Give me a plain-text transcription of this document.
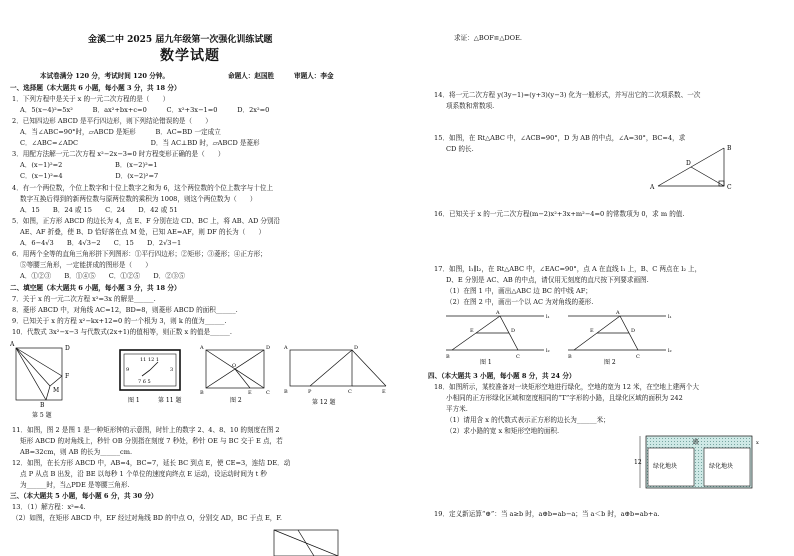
金溪二中 2025 届九年级第一次强化训练试题
数学试题
本试卷满分 120 分，考试时间 120 分钟。	命题人：赵国胜	审题人：李金
一、选择题（本大题共 6 小题，每小题 3 分，共 18 分）
1．下列方程中是关于 x 的一元二次方程的是（　　）
A．5(x−4)²=5x²　　　B．ax²+bx+c=0　　　C．x²+3x−1=0　　　D．2x²=0
2．已知四边形 ABCD 是平行四边形，则下列结论错误的是（　　）
A．当∠ABC=90°时，▱ABCD 是矩形　　　B．AC=BD 一定成立
C．∠ABC=∠ADC　　　　　　　　　　　D．当 AC⊥BD 时，▱ABCD 是菱形
3．用配方法解一元二次方程 x²−2x−3=0 时方程变形正确的是（　　）
A．(x−1)²=2　　　　　　　　B．(x−2)²=1
C．(x−1)²=4　　　　　　　　D．(x−2)²=7
4．有一个两位数，个位上数字和十位上数字之和为 6，这个两位数的个位上数字与十位上
数字互换后得到的新两位数与原两位数的乘积为 1008，则这个两位数为（　　）
A．15　　B．24 或 15　　C．24　　D．42 或 51
5．如图，正方形 ABCD 的边长为 4，点 E、F 分别在边 CD、BC 上，将 AB、AD 分别沿
AE、AF 折叠，使 B、D 恰好落在点 M 处，已知 AE=AF，则 DF 的长为（　　）
A．6−4√3　　B．4√3−2　　C．15　　D．2√3−1
6．用两个全等的直角三角形拼下列图形：①平行四边形；②矩形；③菱形；④正方形；
⑤等腰三角形，一定能拼成的图形是（　　）
A．①②③　　B．①④⑤　　C．①②⑤　　D．②③⑤
二、填空题（本大题共 6 小题，每小题 3 分，共 18 分）
7．关于 x 的一元二次方程 x²=3x 的解是______.
8．菱形 ABCD 中，对角线 AC=12，BD=8，则菱形 ABCD 的面积______.
9．已知关于 x 的方程 x²−kx+12=0 的一个根为 3，则 k 的值为______.
10．代数式 3x²−x−3 与代数式(2x+1)的值相等，则正数 x 的值是______.
A
F
B
D
M
第 5 题
11 12 1
9	3
7 6 5
图 1	第 11 题
A	D
O
B	E	C
图 2
A	D
B	P	C	E
第 12 题
11．如图，图 2 是图 1 是一种矩形钟的示意图，时针上的数字 2、4、8、10 的刻度在图 2
矩形 ABCD 的对角线上，秒针 OB 分别指在刻度 7 秒处，秒针 OE 与 BC 交于 E 点，若
AB=32cm，则 AB 的长为______cm.
12．如图，在长方形 ABCD 中，AB=4，BC=7，延长 BC 到点 E，使 CE=3，连结 DE．动
点 P 从点 B 出发，沿 BE 以每秒 1 个单位的速度向终点 E 运动，设运动时间为 t 秒
为______时，当△PDE 是等腰三角形.
三、（本大题共 5 小题，每小题 6 分，共 30 分）
13．（1）解方程：x²=4.
（2）如图，在矩形 ABCD 中，EF 经过对角线 BD 的中点 O，分别交 AD，BC 于点 E，F.
求证：△BOF≌△DOE.
14．将一元二次方程 y(3y−1)=(y+3)(y−3) 化为一般形式，并写出它的二次项系数、一次
项系数和常数项.
15．如图，在 Rt△ABC 中，∠ACB=90°，D 为 AB 的中点，∠A=30°，BC=4，求
CD 的长.
A
B
C
D
16．已知关于 x 的一元二次方程(m−2)x²+3x+m²−4=0 的常数项为 0，求 m 的值.
17．如图，l₁∥l₂，在 Rt△ABC 中，∠EAC=90°，点 A 在直线 l₁ 上，B、C 两点在 l₂ 上，
D、E 分别是 AC、AB 的中点，请仅用无刻度的直尺按下列要求画图.
（1）在图 1 中，画出△ABC 边 BC 的中线 AF；
（2）在图 2 中，画出一个以 AC 为对角线的菱形.
l₁
l₂
l₁
l₂
A
E	D
B	C
A
E	D
B	C
图 1	图 2
四、（本大题共 3 小题，每小题 8 分，共 24 分）
18．如图所示，某校准备对一块矩形空地进行绿化，空地的宽为 12 米，在空地上建两个大
小相同的正方形绿化区域和宽度相同的“T”字形的小路，且绿化区域的面积为 242
平方米.
（1）请用含 x 的代数式表示正方形的边长为______米；
（2）求小路的宽 x 和矩形空地的面积.
路
绿化地块	绿化地块
12
x
19．定义新运算“⊕”：当 a≥b 时，a⊕b=ab−a；当 a＜b 时，a⊕b=ab+a.
